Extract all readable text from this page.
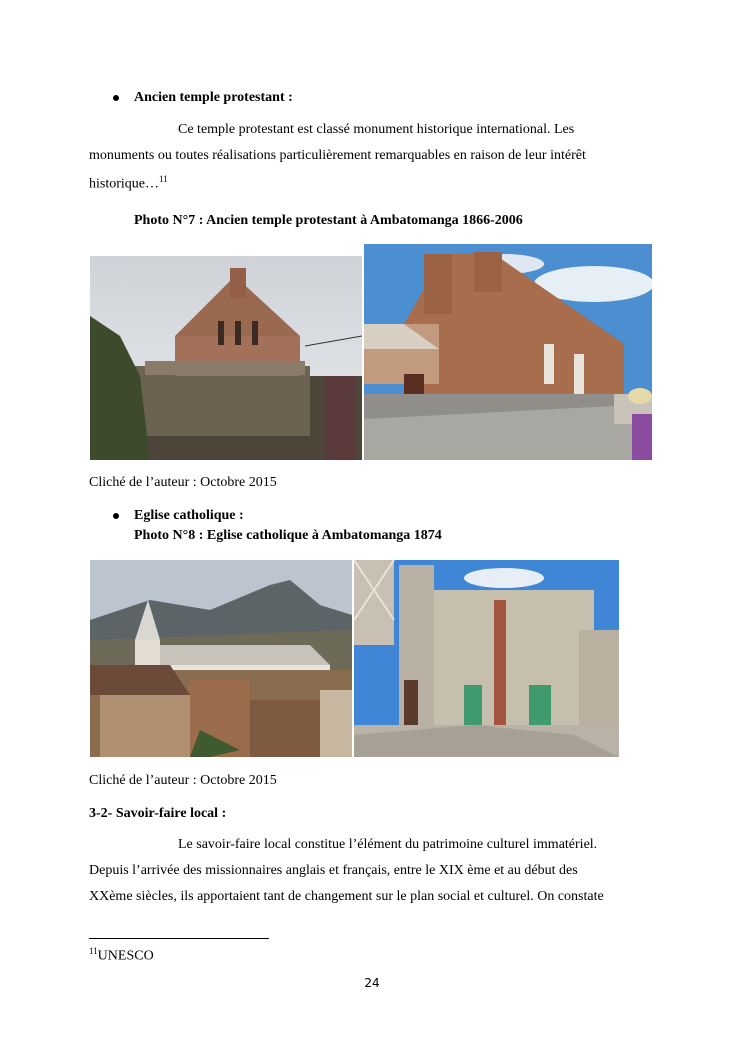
Ancien temple protestant :
Ce temple protestant est classé monument historique international. Les
monuments ou toutes réalisations particulièrement remarquables en raison de leur intérêt
historique…$^{11}$
Photo N°7 : Ancien temple protestant à Ambatomanga 1866-2006
Cliché de l’auteur : Octobre 2015
Eglise catholique :
Photo N°8 : Eglise catholique à Ambatomanga 1874
Cliché de l’auteur : Octobre 2015
3-2- Savoir-faire local :
Le savoir-faire local constitue l’élément du patrimoine culturel immatériel.
Depuis l’arrivée des missionnaires anglais et français, entre le XIX ème et au début des
XXème siècles, ils apportaient tant de changement sur le plan social et culturel. On constate
$^{11}$UNESCO
24
